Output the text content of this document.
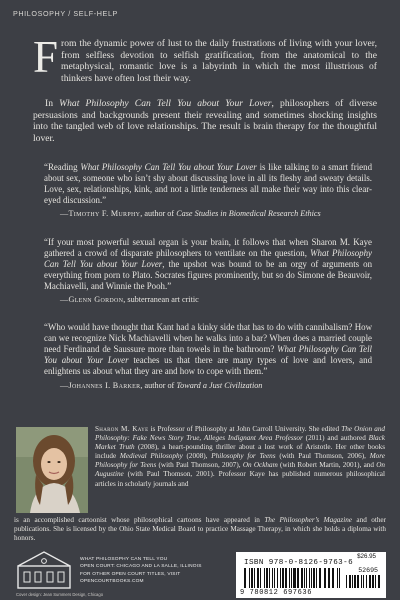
PHILOSOPHY / SELF-HELP

From the dynamic power of lust to the daily frustrations of living with your lover, from selfless devotion to selfish gratification, from the anatomical to the metaphysical, romantic love is a labyrinth in which the most illustrious of thinkers have often lost their way.

In What Philosophy Can Tell You about Your Lover, philosophers of diverse persuasions and backgrounds present their revealing and sometimes shocking insights into the tangled web of love relationships. The result is brain therapy for the thoughtful lover.

“Reading What Philosophy Can Tell You about Your Lover is like talking to a smart friend about sex, someone who isn’t shy about discussing love in all its fleshy and sweaty details. Love, sex, relationships, kink, and not a little tenderness all make their way into this clear-eyed discussion.”

—Timothy F. Murphy, author of Case Studies in Biomedical Research Ethics

“If your most powerful sexual organ is your brain, it follows that when Sharon M. Kaye gathered a crowd of disparate philosophers to ventilate on the question, What Philosophy Can Tell You about Your Lover, the upshot was bound to be an orgy of arguments on everything from porn to Plato. Socrates figures prominently, but so do Simone de Beauvoir, Machiavelli, and Winnie the Pooh.”

—Glenn Gordon, subterranean art critic

“Who would have thought that Kant had a kinky side that has to do with cannibalism? How can we recognize Nick Machiavelli when he walks into a bar? When does a married couple need Ferdinand de Saussure more than towels in the bathroom? What Philosophy Can Tell You about Your Lover teaches us that there are many types of love and lovers, and enlightens us about what they are and how to cope with them.”

—Johannes I. Barker, author of Toward a Just Civilization

Sharon M. Kaye is Professor of Philosophy at John Carroll University. She edited The Onion and Philosophy: Fake News Story True, Alleges Indignant Area Professor (2011) and authored Black Market Truth (2008), a heart-pounding thriller about a lost work of Aristotle. Her other books include Medieval Philosophy (2008), Philosophy for Teens (with Paul Thomson, 2006), More Philosophy for Teens (with Paul Thomson, 2007), On Ockham (with Robert Martin, 2001), and On Augustine (with Paul Thomson, 2001). Professor Kaye has published numerous philosophical articles in scholarly journals and

is an accomplished cartoonist whose philosophical cartoons have appeared in The Philosopher’s Magazine and other publications. She is licensed by the Ohio State Medical Board to practice Massage Therapy, in which she holds a diploma with honors.

WHAT PHILOSOPHY CAN TELL YOU
OPEN COURT: CHICAGO AND LA SALLE, ILLINOIS
FOR OTHER OPEN COURT TITLES, VISIT OPENCOURTBOOKS.COM
Cover design: Jean Summers Design, Chicago
$26.95
ISBN 978-0-8126-9763-6
52695
9 780812 697636
